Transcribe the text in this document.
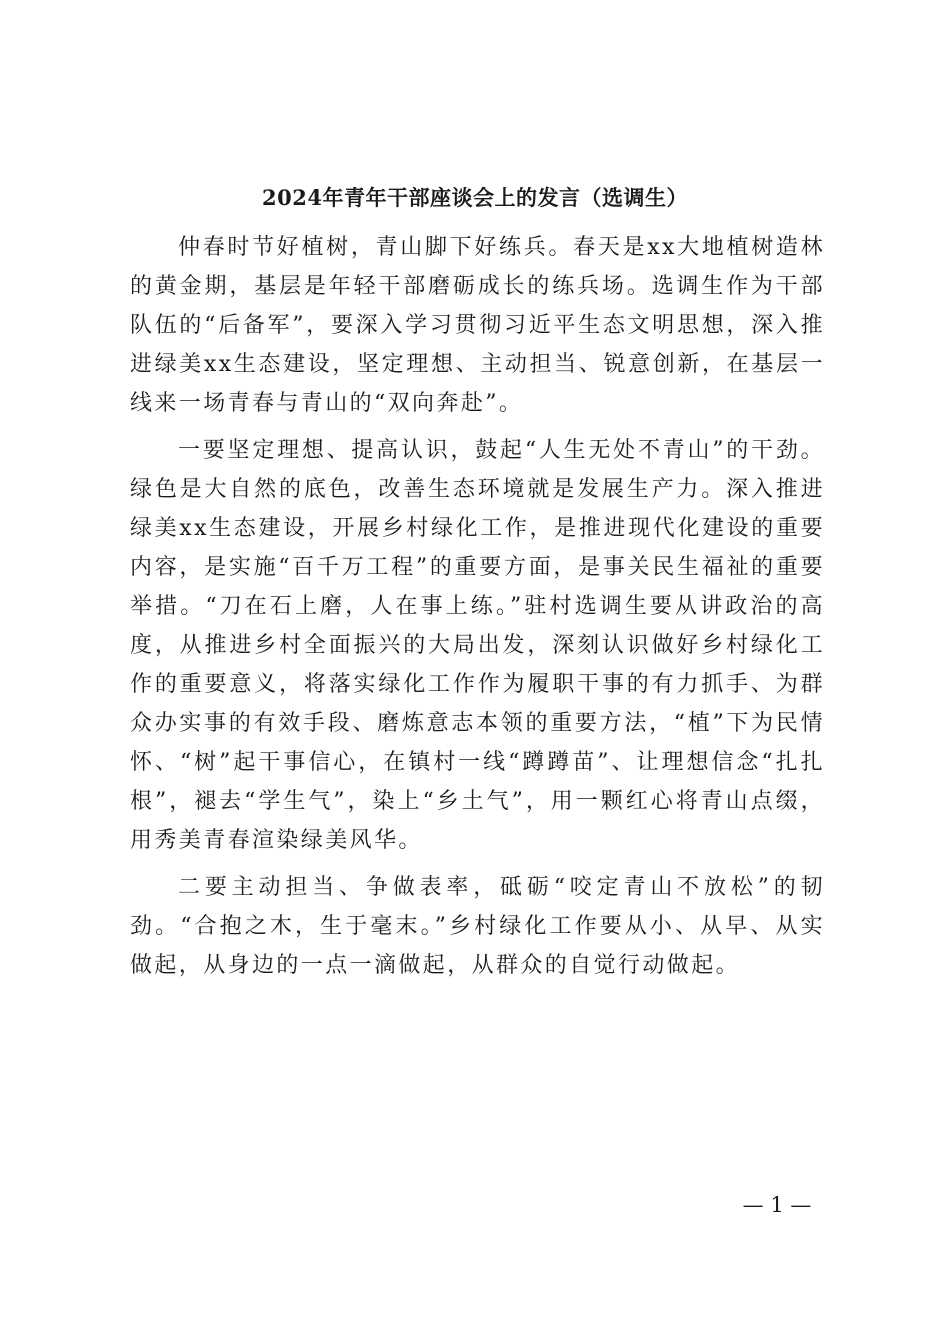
2024年青年干部座谈会上的发言（选调生）

仲春时节好植树，青山脚下好练兵。春天是xx大地植树造林的黄金期，基层是年轻干部磨砺成长的练兵场。选调生作为干部队伍的“后备军”，要深入学习贯彻习近平生态文明思想，深入推进绿美xx生态建设，坚定理想、主动担当、锐意创新，在基层一线来一场青春与青山的“双向奔赴”。

一要坚定理想、提高认识，鼓起“人生无处不青山”的干劲。绿色是大自然的底色，改善生态环境就是发展生产力。深入推进绿美xx生态建设，开展乡村绿化工作，是推进现代化建设的重要内容，是实施“百千万工程”的重要方面，是事关民生福祉的重要举措。“刀在石上磨，人在事上练。”驻村选调生要从讲政治的高度，从推进乡村全面振兴的大局出发，深刻认识做好乡村绿化工作的重要意义，将落实绿化工作作为履职干事的有力抓手、为群众办实事的有效手段、磨炼意志本领的重要方法，“植”下为民情怀、“树”起干事信心，在镇村一线“蹲蹲苗”、让理想信念“扎扎根”，褪去“学生气”，染上“乡土气”，用一颗红心将青山点缀，用秀美青春渲染绿美风华。

二要主动担当、争做表率，砥砺“咬定青山不放松”的韧劲。“合抱之木，生于毫末。”乡村绿化工作要从小、从早、从实做起，从身边的一点一滴做起，从群众的自觉行动做起。

— 1 —
